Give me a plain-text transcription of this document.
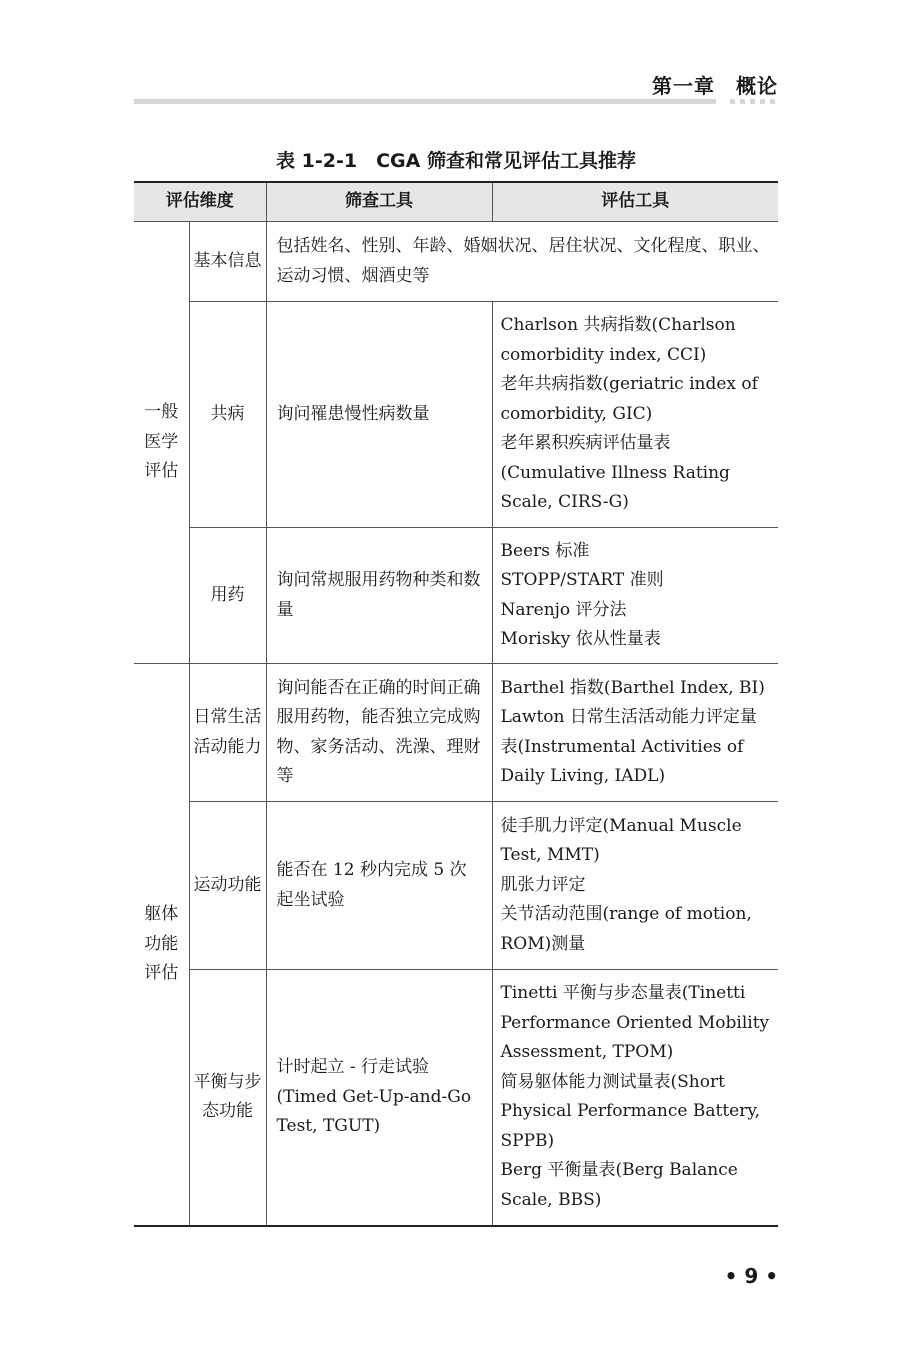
第一章　概论
表 1-2-1　CGA 筛查和常见评估工具推荐
评估维度		筛查工具	评估工具
一般医学评估	基本信息	包括姓名、性别、年龄、婚姻状况、居住状况、文化程度、职业、运动习惯、烟酒史等	
	共病	询问罹患慢性病数量	Charlson 共病指数(Charlson comorbidity index, CCI)
老年共病指数(geriatric index of comorbidity, GIC)
老年累积疾病评估量表(Cumulative Illness Rating Scale, CIRS-G)

	用药	询问常规服用药物种类和数量	Beers 标准
STOPP/START 准则
Narenjo 评分法
Morisky 依从性量表

躯体功能评估	日常生活活动能力	询问能否在正确的时间正确服用药物，能否独立完成购物、家务活动、洗澡、理财等	Barthel 指数(Barthel Index, BI)
Lawton 日常生活活动能力评定量表(Instrumental Activities of Daily Living, IADL)

	运动功能	能否在 12 秒内完成 5 次起坐试验	徒手肌力评定(Manual Muscle Test, MMT)
肌张力评定
关节活动范围(range of motion, ROM)测量

	平衡与步态功能	计时起立 - 行走试验(Timed Get-Up-and-Go Test, TGUT)	Tinetti 平衡与步态量表(Tinetti Performance Oriented Mobility Assessment, TPOM)
简易躯体能力测试量表(Short Physical Performance Battery, SPPB)
Berg 平衡量表(Berg Balance Scale, BBS)
• 9 •
